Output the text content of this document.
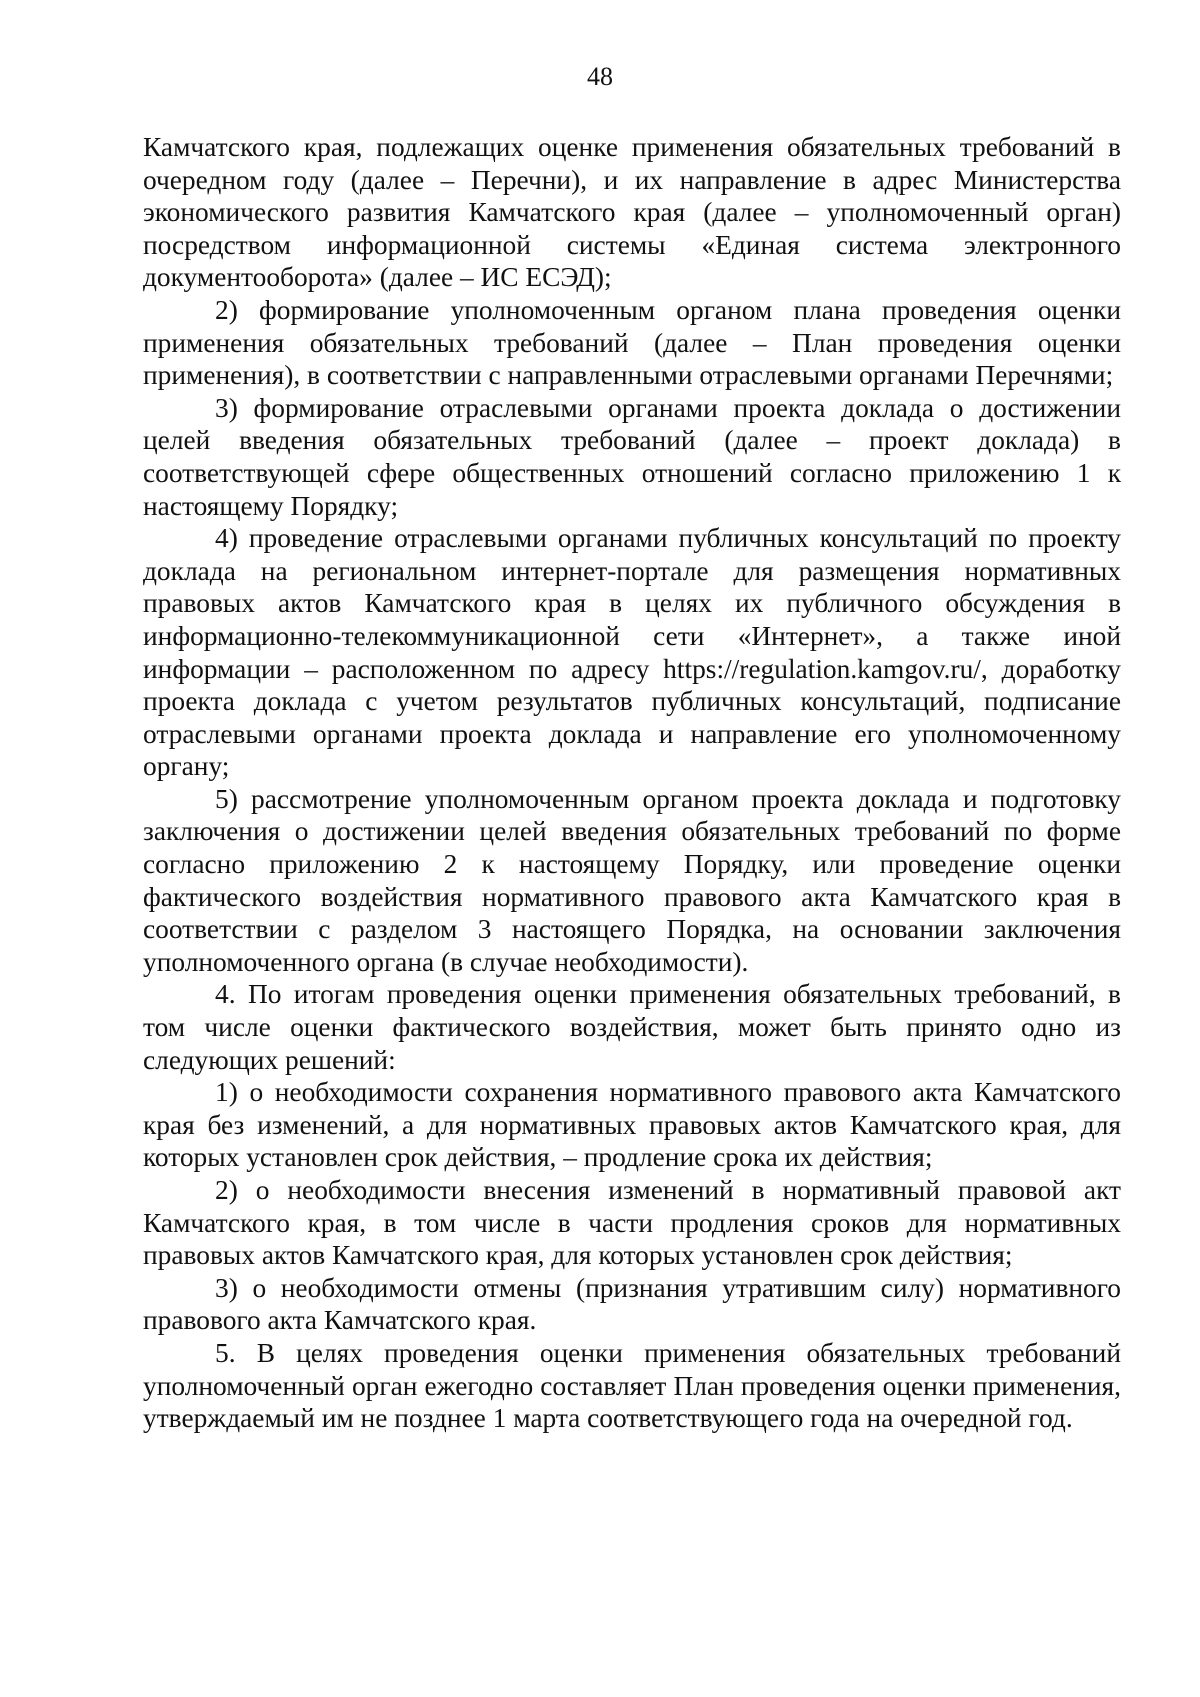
48

Камчатского края, подлежащих оценке применения обязательных требований в очередном году (далее – Перечни), и их направление в адрес Министерства экономического развития Камчатского края (далее – уполномоченный орган) посредством информационной системы «Единая система электронного документооборота» (далее – ИС ЕСЭД);

2) формирование уполномоченным органом плана проведения оценки применения обязательных требований (далее – План проведения оценки применения), в соответствии с направленными отраслевыми органами Перечнями;

3) формирование отраслевыми органами проекта доклада о достижении целей введения обязательных требований (далее – проект доклада) в соответствующей сфере общественных отношений согласно приложению 1 к настоящему Порядку;

4) проведение отраслевыми органами публичных консультаций по проекту доклада на региональном интернет-портале для размещения нормативных правовых актов Камчатского края в целях их публичного обсуждения в информационно-телекоммуникационной сети «Интернет», а также иной информации – расположенном по адресу https://regulation.kamgov.ru/, доработку проекта доклада с учетом результатов публичных консультаций, подписание отраслевыми органами проекта доклада и направление его уполномоченному органу;

5) рассмотрение уполномоченным органом проекта доклада и подготовку заключения о достижении целей введения обязательных требований по форме согласно приложению 2 к настоящему Порядку, или проведение оценки фактического воздействия нормативного правового акта Камчатского края в соответствии с разделом 3 настоящего Порядка, на основании заключения уполномоченного органа (в случае необходимости).

4. По итогам проведения оценки применения обязательных требований, в том числе оценки фактического воздействия, может быть принято одно из следующих решений:

1) о необходимости сохранения нормативного правового акта Камчатского края без изменений, а для нормативных правовых актов Камчатского края, для которых установлен срок действия, – продление срока их действия;

2) о необходимости внесения изменений в нормативный правовой акт Камчатского края, в том числе в части продления сроков для нормативных правовых актов Камчатского края, для которых установлен срок действия;

3) о необходимости отмены (признания утратившим силу) нормативного правового акта Камчатского края.

5. В целях проведения оценки применения обязательных требований уполномоченный орган ежегодно составляет План проведения оценки применения, утверждаемый им не позднее 1 марта соответствующего года на очередной год.
